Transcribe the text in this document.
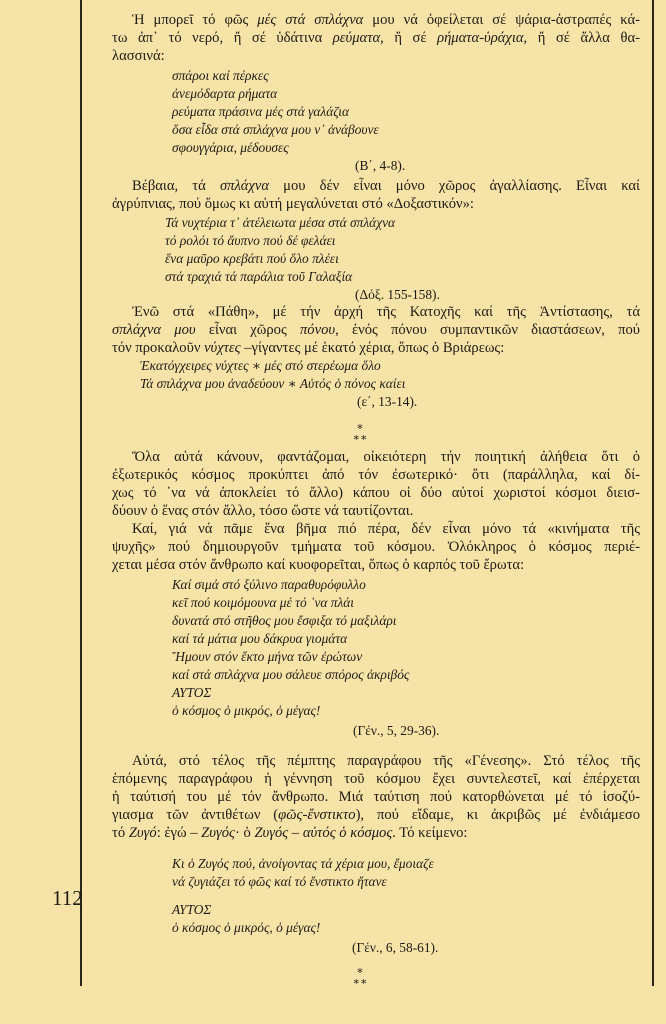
Ἡ μπορεῖ τό φῶς μές στά σπλάχνα μου νά ὀφείλεται σέ ψάρια-ἀστραπές κά-
τω ἀπ᾽ τό νερό, ἤ σέ ὑδάτινα ρεύματα, ἤ σέ ρήματα-ὑράχια, ἤ σέ ἄλλα θα-
λασσινά:
σπάροι καί πέρκες
ἀνεμόδαρτα ρήματα
ρεύματα πράσινα μές στά γαλάζια
ὅσα εἶδα στά σπλάχνα μου ν᾽ ἀνάβουνε
σφουγγάρια, μέδουσες
(Β΄, 4-8).
Βέβαια, τά σπλάχνα μου δέν εἶναι μόνο χῶρος ἀγαλλίασης. Εἶναι καί
ἀγρύπνιας, πού ὅμως κι αὐτή μεγαλύνεται στό «Δοξαστικόν»:
Τά νυχτέρια τ᾽ ἀτέλειωτα μέσα στά σπλάχνα
τό ρολόι τό ἄυπνο πού δέ φελάει
ἕνα μαῦρο κρεβάτι πού ὅλο πλέει
στά τραχιά τά παράλια τοῦ Γαλαξία
(Δόξ. 155-158).
Ἐνῶ στά «Πάθη», μέ τήν ἀρχή τῆς Κατοχῆς καί τῆς Ἀντίστασης, τά
σπλάχνα μου εἶναι χῶρος πόνου, ἑνός πόνου συμπαντικῶν διαστάσεων, πού
τόν προκαλοῦν νύχτες –γίγαντες μέ ἑκατό χέρια, ὅπως ὁ Βριάρεως:
Ἑκατόγχειρες νύχτες ∗ μές στό στερέωμα ὅλο
Τά σπλάχνα μου ἀναδεύουν ∗ Αὐτός ὁ πόνος καίει
(ε΄, 13-14).
∗
∗∗
Ὅλα αὐτά κάνουν, φαντάζομαι, οἰκειότερη τήν ποιητική ἀλήθεια ὅτι ὁ
ἐξωτερικός κόσμος προκύπτει ἀπό τόν ἐσωτερικό· ὅτι (παράλληλα, καί δί-
χως τό ᾽να νά ἀποκλείει τό ἄλλο) κάπου οἱ δύο αὐτοί χωριστοί κόσμοι διεισ-
δύουν ὁ ἕνας στόν ἄλλο, τόσο ὥστε νά ταυτίζονται.
Καί, γιά νά πᾶμε ἕνα βῆμα πιό πέρα, δέν εἶναι μόνο τά «κινήματα τῆς
ψυχῆς» πού δημιουργοῦν τμήματα τοῦ κόσμου. Ὁλόκληρος ὁ κόσμος περιέ-
χεται μέσα στόν ἄνθρωπο καί κυοφορεῖται, ὅπως ὁ καρπός τοῦ ἔρωτα:
Καί σιμά στό ξύλινο παραθυρόφυλλο
κεῖ πού κοιμόμουνα μέ τό ᾽να πλάι
δυνατά στό στῆθος μου ἔσφιξα τό μαξιλάρι
καί τά μάτια μου δάκρυα γιομάτα
Ἤμουν στόν ἕκτο μήνα τῶν ἐρώτων
καί στά σπλάχνα μου σάλευε σπόρος ἀκριβός
ΑΥΤΟΣ
ὁ κόσμος ὁ μικρός, ὁ μέγας!
(Γέν., 5, 29-36).
Αὐτά, στό τέλος τῆς πέμπτης παραγράφου τῆς «Γένεσης». Στό τέλος τῆς
ἑπόμενης παραγράφου ἡ γέννηση τοῦ κόσμου ἔχει συντελεστεῖ, καί ἐπέρχεται
ἡ ταύτισή του μέ τόν ἄνθρωπο. Μιά ταύτιση πού κατορθώνεται μέ τό ἰσοζύ-
γιασμα τῶν ἀντιθέτων (φῶς-ἔνστικτο), πού εἴδαμε, κι ἀκριβῶς μέ ἐνδιάμεσο
τό Ζυγό: ἐγώ – Ζυγός· ὁ Ζυγός – αὐτός ὁ κόσμος. Τό κείμενο:
Κι ὁ Ζυγός πού, ἀνοίγοντας τά χέρια μου, ἔμοιαζε
νά ζυγιάζει τό φῶς καί τό ἔνστικτο ἤτανε
ΑΥΤΟΣ
ὁ κόσμος ὁ μικρός, ὁ μέγας!
(Γέν., 6, 58-61).
∗
∗∗
112
